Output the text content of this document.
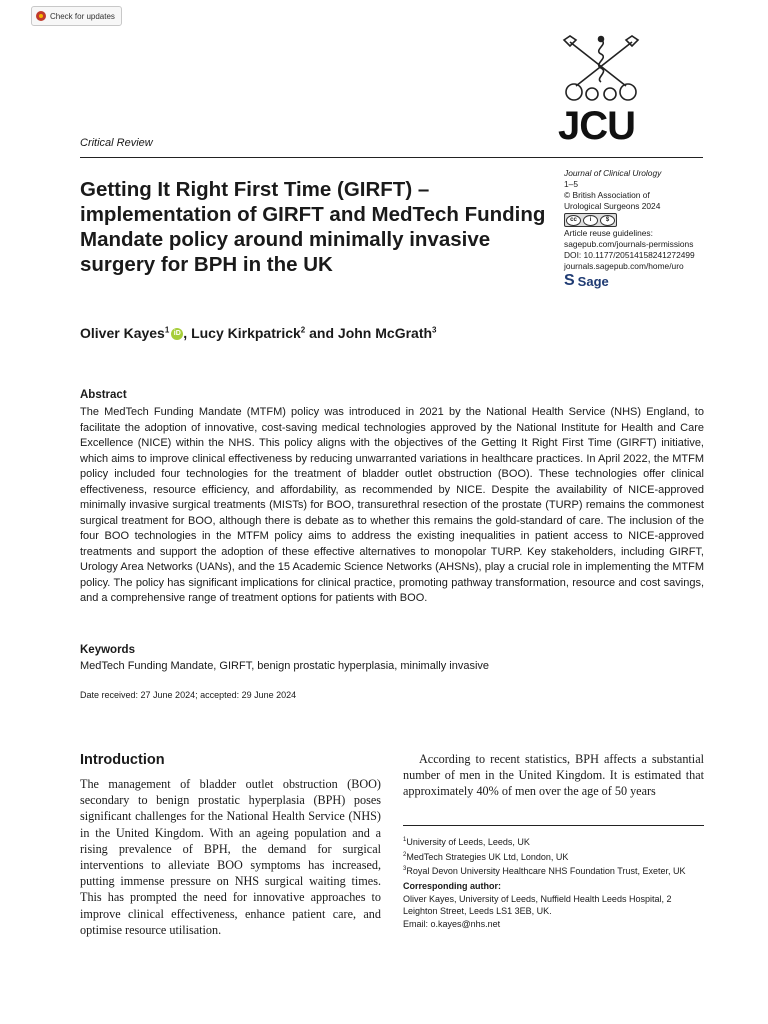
Check for updates
JCU
Critical Review
Getting It Right First Time (GIRFT) – implementation of GIRFT and MedTech Funding Mandate policy around minimally invasive surgery for BPH in the UK
Journal of Clinical Urology
1–5
© British Association of
Urological Surgeons 2024
cc	i	$
Article reuse guidelines:
sagepub.com/journals-permissions
DOI: 10.1177/20514158241272499
journals.sagepub.com/home/uro
S Sage
Oliver Kayes$^1$ iD , Lucy Kirkpatrick$^2$ and John McGrath$^3$
Abstract
The MedTech Funding Mandate (MTFM) policy was introduced in 2021 by the National Health Service (NHS) England, to facilitate the adoption of innovative, cost-saving medical technologies approved by the National Institute for Health and Care Excellence (NICE) within the NHS. This policy aligns with the objectives of the Getting It Right First Time (GIRFT) initiative, which aims to improve clinical effectiveness by reducing unwarranted variations in healthcare practices. In April 2022, the MTFM policy included four technologies for the treatment of bladder outlet obstruction (BOO). These technologies offer clinical effectiveness, resource efficiency, and affordability, as recommended by NICE. Despite the availability of NICE-approved minimally invasive surgical treatments (MISTs) for BOO, transurethral resection of the prostate (TURP) remains the commonest surgical treatment for BOO, although there is debate as to whether this remains the gold-standard of care. The inclusion of the four BOO technologies in the MTFM policy aims to address the existing inequalities in patient access to NICE-approved treatments and support the adoption of these effective alternatives to monopolar TURP. Key stakeholders, including GIRFT, Urology Area Networks (UANs), and the 15 Academic Science Networks (AHSNs), play a crucial role in implementing the MTFM policy. The policy has significant implications for clinical practice, promoting pathway transformation, resource and cost savings, and a comprehensive range of treatment options for patients with BOO.
Keywords
MedTech Funding Mandate, GIRFT, benign prostatic hyperplasia, minimally invasive
Date received: 27 June 2024; accepted: 29 June 2024
Introduction
The management of bladder outlet obstruction (BOO) secondary to benign prostatic hyperplasia (BPH) poses significant challenges for the National Health Service (NHS) in the United Kingdom. With an ageing population and a rising prevalence of BPH, the demand for surgical interventions to alleviate BOO symptoms has increased, putting immense pressure on NHS surgical waiting times. This has prompted the need for innovative approaches to improve clinical effectiveness, enhance patient care, and optimise resource utilisation.
According to recent statistics, BPH affects a substantial number of men in the United Kingdom. It is estimated that approximately 40% of men over the age of 50 years
$^1$University of Leeds, Leeds, UK
$^2$MedTech Strategies UK Ltd, London, UK
$^3$Royal Devon University Healthcare NHS Foundation Trust, Exeter, UK
Corresponding author:
Oliver Kayes, University of Leeds, Nuffield Health Leeds Hospital, 2
Leighton Street, Leeds LS1 3EB, UK.
Email: o.kayes@nhs.net
